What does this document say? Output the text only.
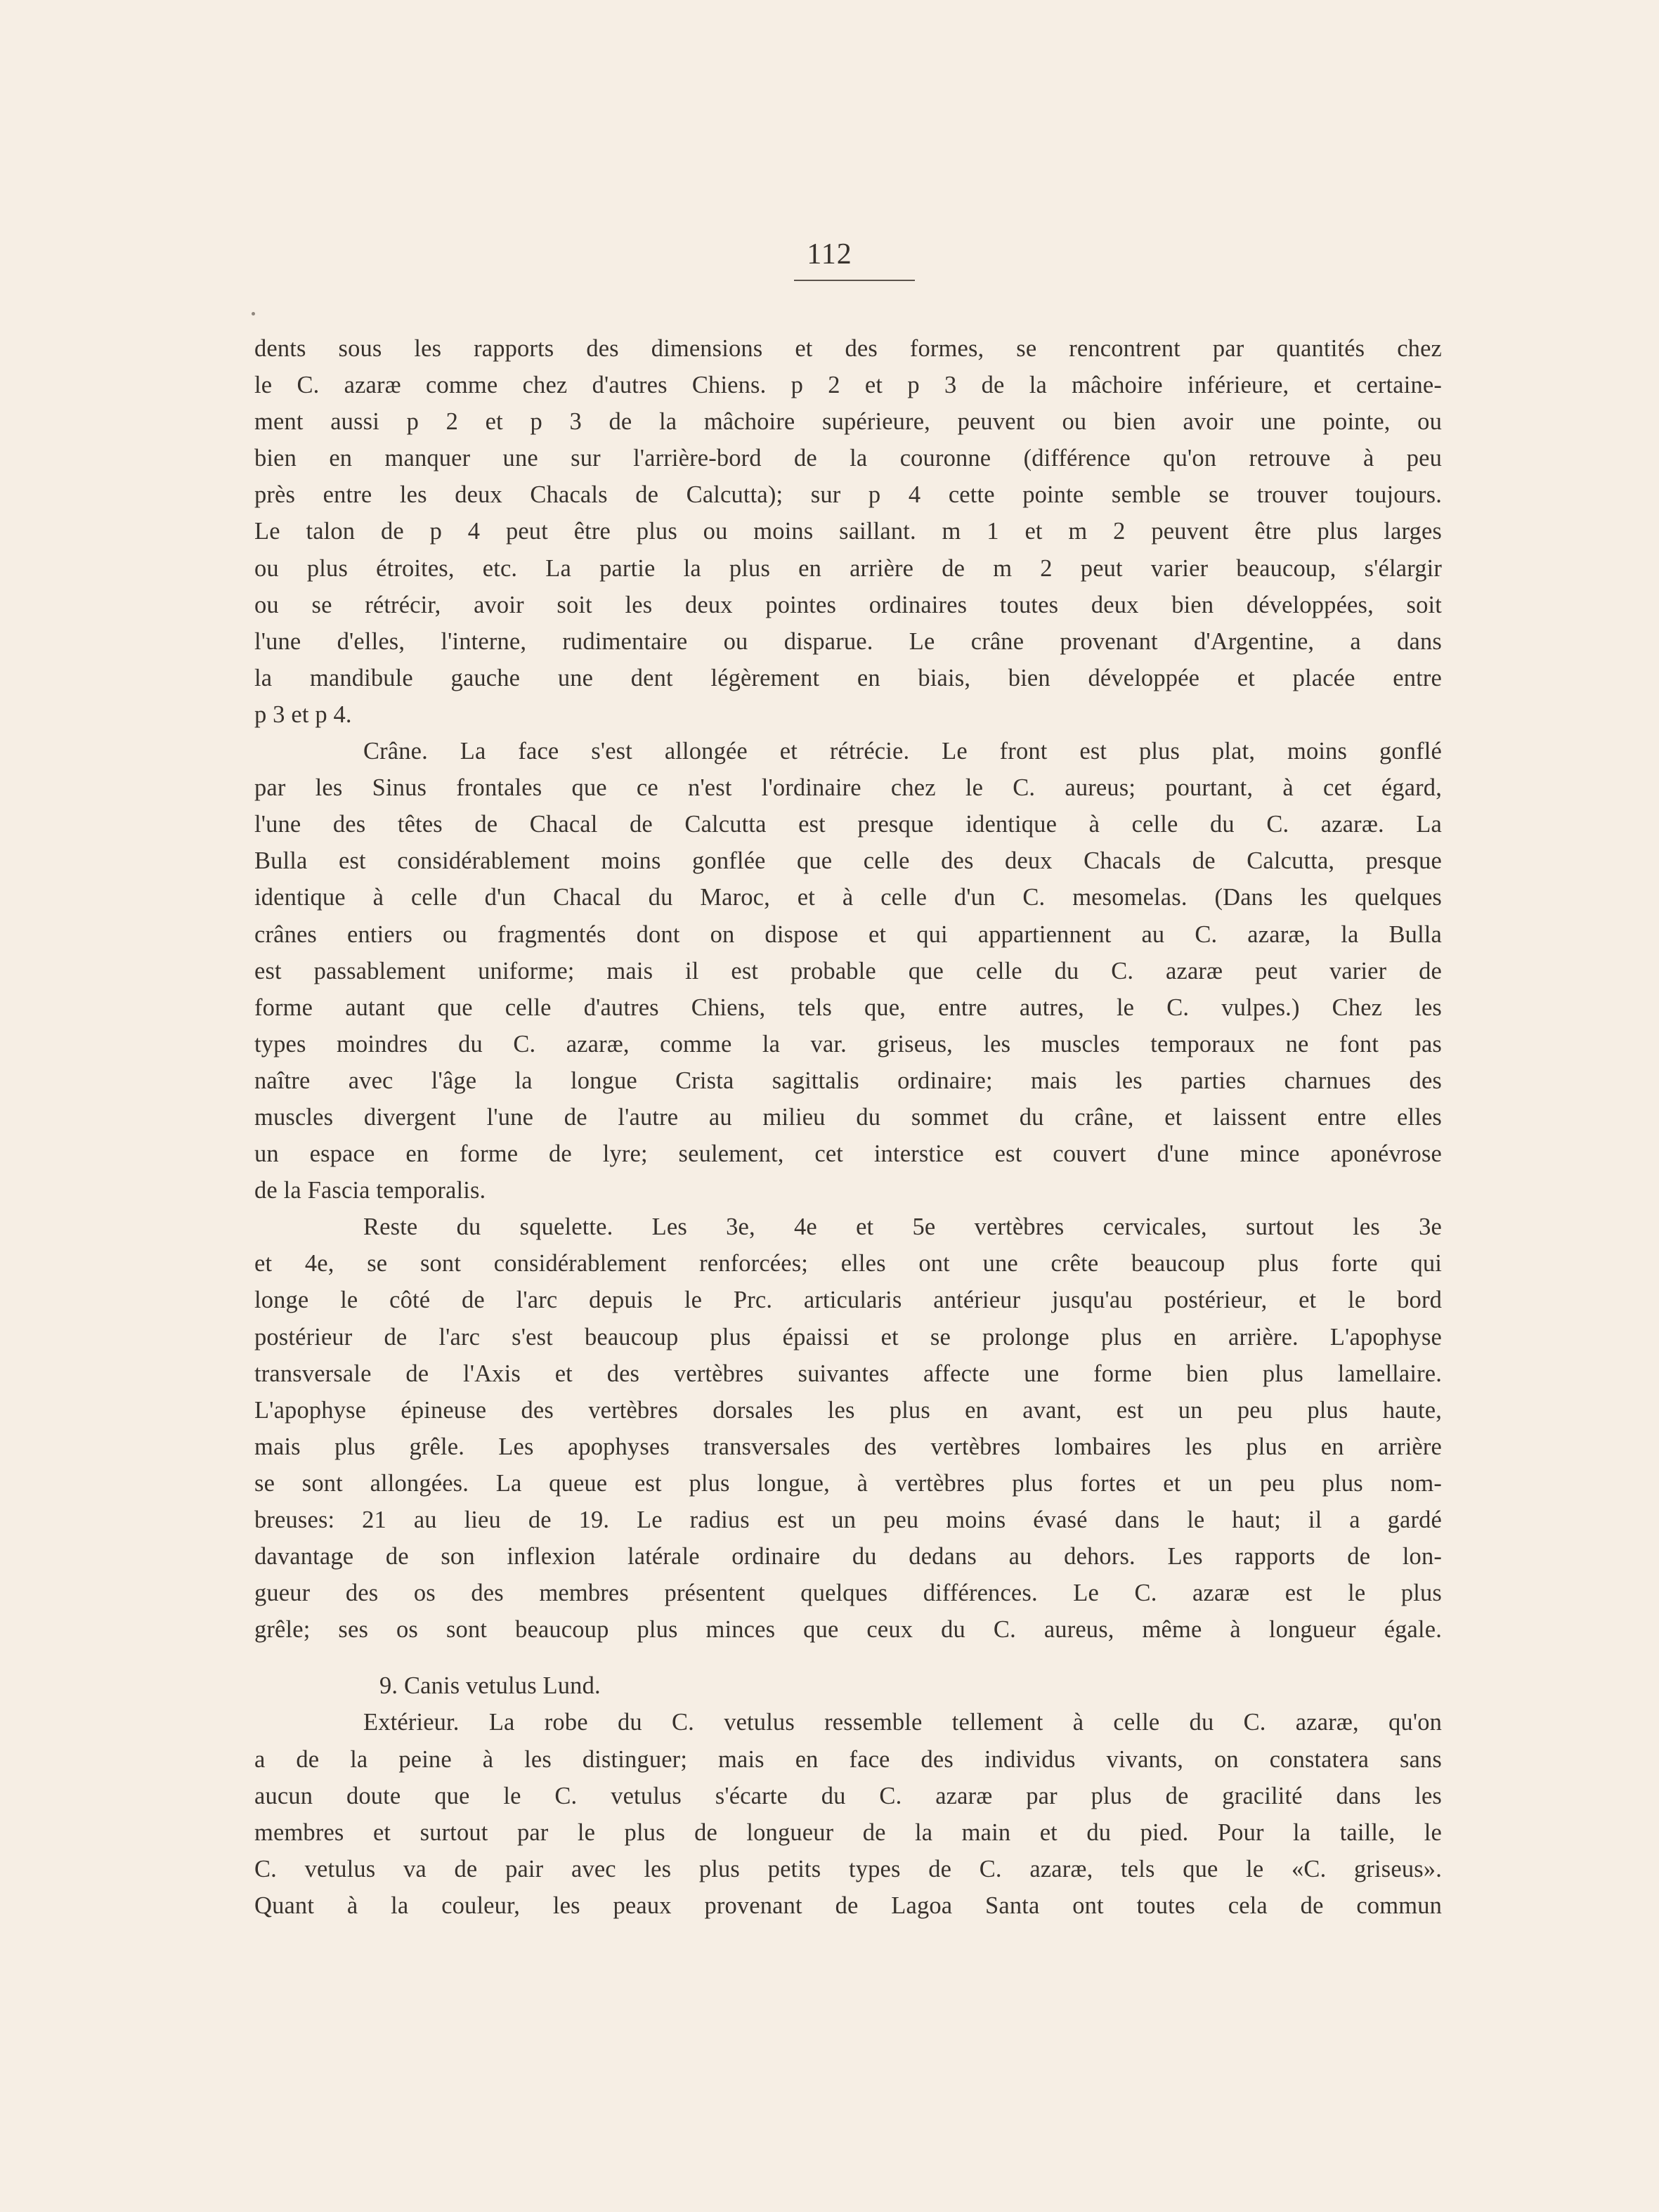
112
dents sous les rapports des dimensions et des formes, se rencontrent par quantités chez
le C. azaræ comme chez d'autres Chiens. p 2 et p 3 de la mâchoire inférieure, et certaine-
ment aussi p 2 et p 3 de la mâchoire supérieure, peuvent ou bien avoir une pointe, ou
bien en manquer une sur l'arrière-bord de la couronne (différence qu'on retrouve à peu
près entre les deux Chacals de Calcutta); sur p 4 cette pointe semble se trouver toujours.
Le talon de p 4 peut être plus ou moins saillant. m 1 et m 2 peuvent être plus larges
ou plus étroites, etc. La partie la plus en arrière de m 2 peut varier beaucoup, s'élargir
ou se rétrécir, avoir soit les deux pointes ordinaires toutes deux bien développées, soit
l'une d'elles, l'interne, rudimentaire ou disparue. Le crâne provenant d'Argentine, a dans
la mandibule gauche une dent légèrement en biais, bien développée et placée entre
p 3 et p 4.
Crâne. La face s'est allongée et rétrécie. Le front est plus plat, moins gonflé
par les Sinus frontales que ce n'est l'ordinaire chez le C. aureus; pourtant, à cet égard,
l'une des têtes de Chacal de Calcutta est presque identique à celle du C. azaræ. La
Bulla est considérablement moins gonflée que celle des deux Chacals de Calcutta, presque
identique à celle d'un Chacal du Maroc, et à celle d'un C. mesomelas. (Dans les quelques
crânes entiers ou fragmentés dont on dispose et qui appartiennent au C. azaræ, la Bulla
est passablement uniforme; mais il est probable que celle du C. azaræ peut varier de
forme autant que celle d'autres Chiens, tels que, entre autres, le C. vulpes.) Chez les
types moindres du C. azaræ, comme la var. griseus, les muscles temporaux ne font pas
naître avec l'âge la longue Crista sagittalis ordinaire; mais les parties charnues des
muscles divergent l'une de l'autre au milieu du sommet du crâne, et laissent entre elles
un espace en forme de lyre; seulement, cet interstice est couvert d'une mince aponévrose
de la Fascia temporalis.
Reste du squelette. Les 3e, 4e et 5e vertèbres cervicales, surtout les 3e
et 4e, se sont considérablement renforcées; elles ont une crête beaucoup plus forte qui
longe le côté de l'arc depuis le Prc. articularis antérieur jusqu'au postérieur, et le bord
postérieur de l'arc s'est beaucoup plus épaissi et se prolonge plus en arrière. L'apophyse
transversale de l'Axis et des vertèbres suivantes affecte une forme bien plus lamellaire.
L'apophyse épineuse des vertèbres dorsales les plus en avant, est un peu plus haute,
mais plus grêle. Les apophyses transversales des vertèbres lombaires les plus en arrière
se sont allongées. La queue est plus longue, à vertèbres plus fortes et un peu plus nom-
breuses: 21 au lieu de 19. Le radius est un peu moins évasé dans le haut; il a gardé
davantage de son inflexion latérale ordinaire du dedans au dehors. Les rapports de lon-
gueur des os des membres présentent quelques différences. Le C. azaræ est le plus
grêle; ses os sont beaucoup plus minces que ceux du C. aureus, même à longueur égale.
9. Canis vetulus Lund.
Extérieur. La robe du C. vetulus ressemble tellement à celle du C. azaræ, qu'on
a de la peine à les distinguer; mais en face des individus vivants, on constatera sans
aucun doute que le C. vetulus s'écarte du C. azaræ par plus de gracilité dans les
membres et surtout par le plus de longueur de la main et du pied. Pour la taille, le
C. vetulus va de pair avec les plus petits types de C. azaræ, tels que le «C. griseus».
Quant à la couleur, les peaux provenant de Lagoa Santa ont toutes cela de commun
